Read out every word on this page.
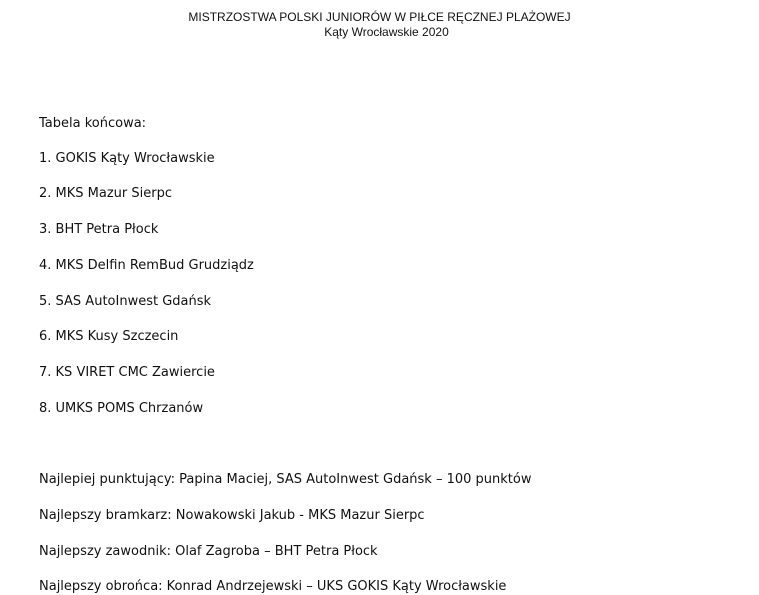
MISTRZOSTWA POLSKI JUNIORÓW W PIŁCE RĘCZNEJ PLAŻOWEJ
Kąty Wrocławskie 2020

Tabela końcowa:

1. GOKIS Kąty Wrocławskie

2. MKS Mazur Sierpc

3. BHT Petra Płock

4. MKS Delfin RemBud Grudziądz

5. SAS AutoInwest Gdańsk

6. MKS Kusy Szczecin

7. KS VIRET CMC Zawiercie

8. UMKS POMS Chrzanów

Najlepiej punktujący: Papina Maciej, SAS AutoInwest Gdańsk – 100 punktów

Najlepszy bramkarz: Nowakowski Jakub - MKS Mazur Sierpc

Najlepszy zawodnik: Olaf Zagroba – BHT Petra Płock

Najlepszy obrońca: Konrad Andrzejewski – UKS GOKIS Kąty Wrocławskie
